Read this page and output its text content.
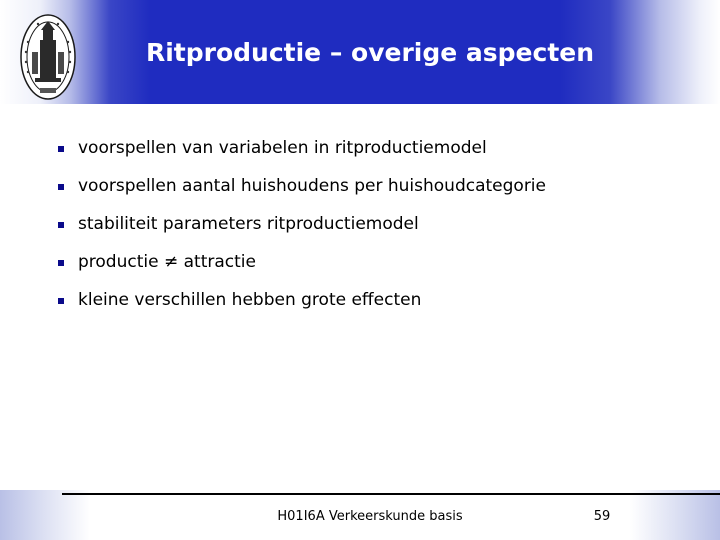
Ritproductie – overige aspecten
voorspellen van variabelen in ritproductiemodel
voorspellen aantal huishoudens per huishoudcategorie
stabiliteit parameters ritproductiemodel
productie ≠ attractie
kleine verschillen hebben grote effecten
H01I6A Verkeerskunde basis	59
